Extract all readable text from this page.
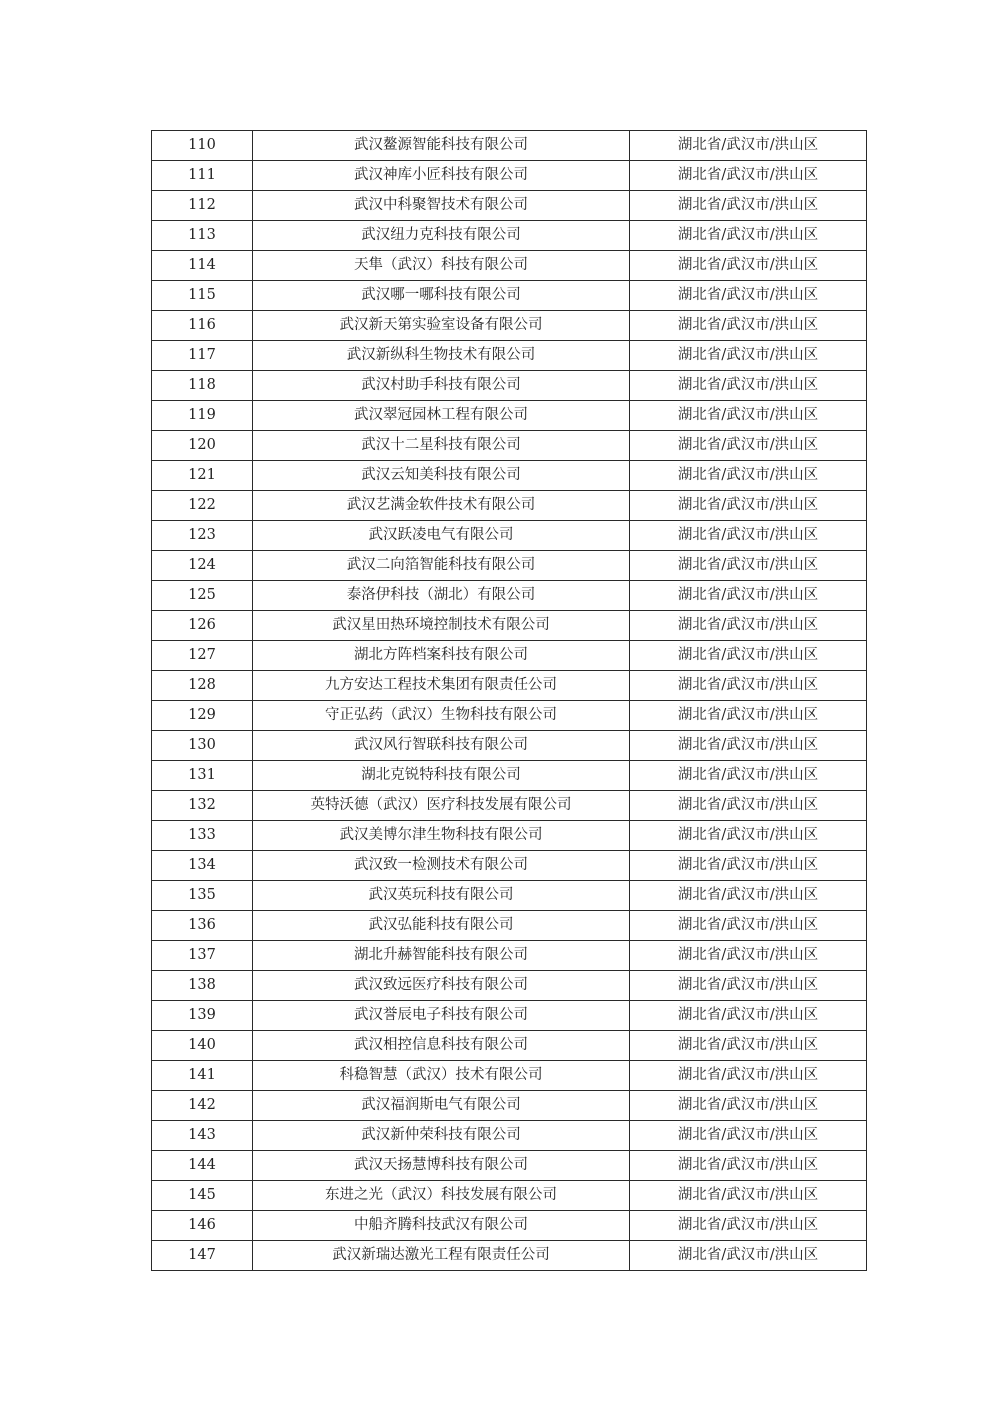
110	武汉鳌源智能科技有限公司	湖北省/武汉市/洪山区
111	武汉神库小匠科技有限公司	湖北省/武汉市/洪山区
112	武汉中科聚智技术有限公司	湖北省/武汉市/洪山区
113	武汉纽力克科技有限公司	湖北省/武汉市/洪山区
114	天隼（武汉）科技有限公司	湖北省/武汉市/洪山区
115	武汉哪一哪科技有限公司	湖北省/武汉市/洪山区
116	武汉新天第实验室设备有限公司	湖北省/武汉市/洪山区
117	武汉新纵科生物技术有限公司	湖北省/武汉市/洪山区
118	武汉村助手科技有限公司	湖北省/武汉市/洪山区
119	武汉翠冠园林工程有限公司	湖北省/武汉市/洪山区
120	武汉十二星科技有限公司	湖北省/武汉市/洪山区
121	武汉云知美科技有限公司	湖北省/武汉市/洪山区
122	武汉艺满金软件技术有限公司	湖北省/武汉市/洪山区
123	武汉跃凌电气有限公司	湖北省/武汉市/洪山区
124	武汉二向箔智能科技有限公司	湖北省/武汉市/洪山区
125	泰洛伊科技（湖北）有限公司	湖北省/武汉市/洪山区
126	武汉星田热环境控制技术有限公司	湖北省/武汉市/洪山区
127	湖北方阵档案科技有限公司	湖北省/武汉市/洪山区
128	九方安达工程技术集团有限责任公司	湖北省/武汉市/洪山区
129	守正弘药（武汉）生物科技有限公司	湖北省/武汉市/洪山区
130	武汉风行智联科技有限公司	湖北省/武汉市/洪山区
131	湖北克锐特科技有限公司	湖北省/武汉市/洪山区
132	英特沃德（武汉）医疗科技发展有限公司	湖北省/武汉市/洪山区
133	武汉美博尔津生物科技有限公司	湖北省/武汉市/洪山区
134	武汉致一检测技术有限公司	湖北省/武汉市/洪山区
135	武汉英玩科技有限公司	湖北省/武汉市/洪山区
136	武汉弘能科技有限公司	湖北省/武汉市/洪山区
137	湖北升赫智能科技有限公司	湖北省/武汉市/洪山区
138	武汉致远医疗科技有限公司	湖北省/武汉市/洪山区
139	武汉誉辰电子科技有限公司	湖北省/武汉市/洪山区
140	武汉相控信息科技有限公司	湖北省/武汉市/洪山区
141	科稳智慧（武汉）技术有限公司	湖北省/武汉市/洪山区
142	武汉福润斯电气有限公司	湖北省/武汉市/洪山区
143	武汉新仲荣科技有限公司	湖北省/武汉市/洪山区
144	武汉天扬慧博科技有限公司	湖北省/武汉市/洪山区
145	东进之光（武汉）科技发展有限公司	湖北省/武汉市/洪山区
146	中船齐腾科技武汉有限公司	湖北省/武汉市/洪山区
147	武汉新瑞达激光工程有限责任公司	湖北省/武汉市/洪山区
